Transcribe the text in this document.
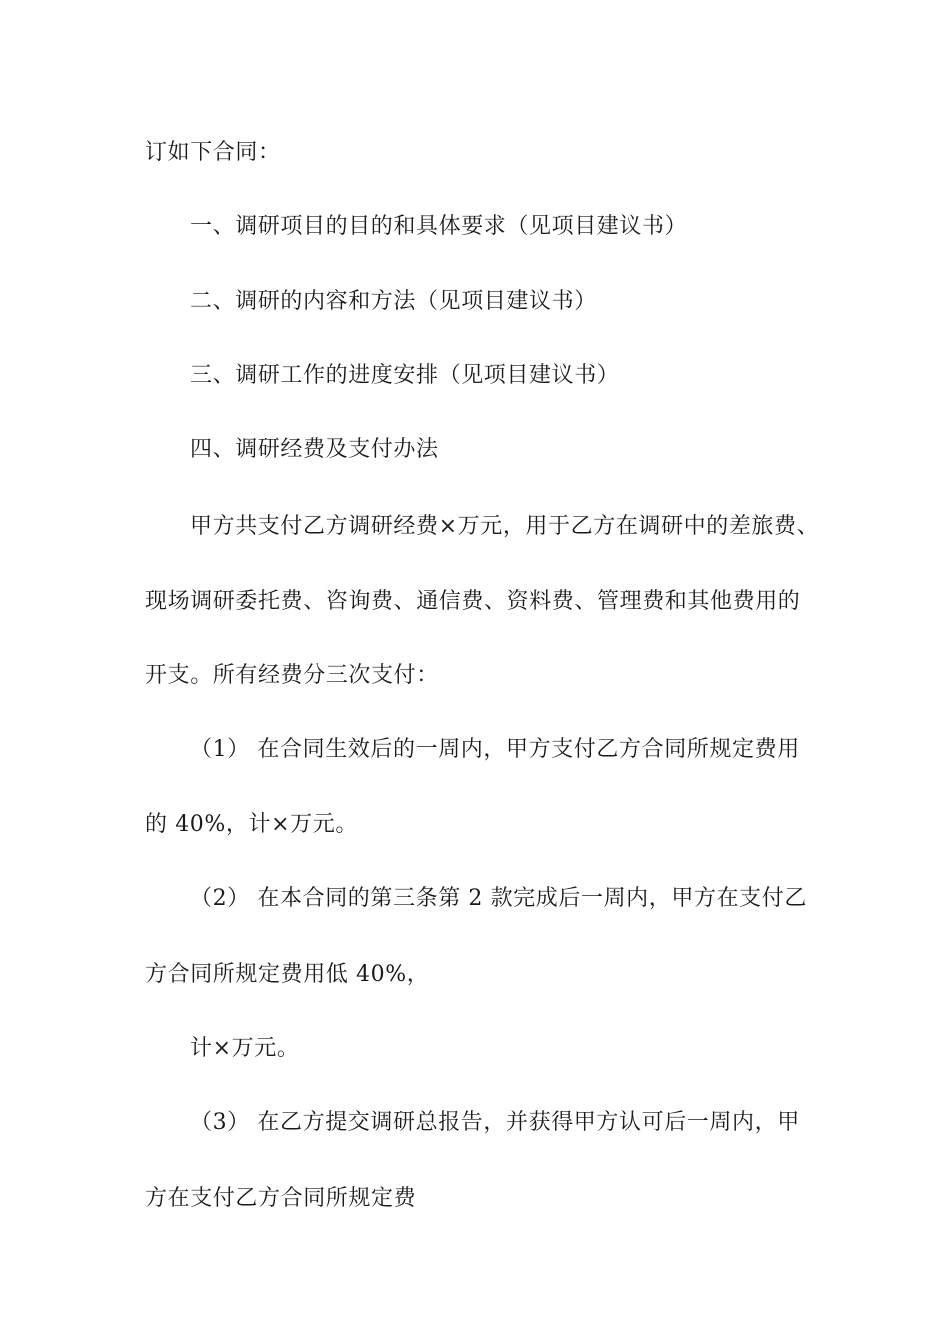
订如下合同：
一、调研项目的目的和具体要求（见项目建议书）
二、调研的内容和方法（见项目建议书）
三、调研工作的进度安排（见项目建议书）
四、调研经费及支付办法
甲方共支付乙方调研经费×万元，用于乙方在调研中的差旅费、
现场调研委托费、咨询费、通信费、资料费、管理费和其他费用的
开支。所有经费分三次支付：
（1） 在合同生效后的一周内，甲方支付乙方合同所规定费用
的 40%，计×万元。
（2） 在本合同的第三条第 2 款完成后一周内，甲方在支付乙
方合同所规定费用低 40%，
计×万元。
（3） 在乙方提交调研总报告，并获得甲方认可后一周内，甲
方在支付乙方合同所规定费
